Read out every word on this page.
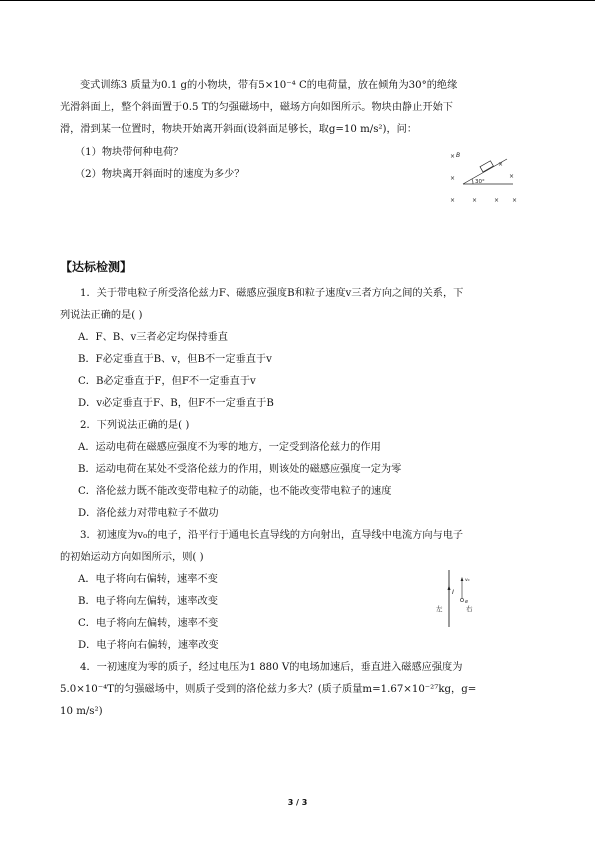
变式训练3 质量为0.1 g的小物块，带有5×10⁻⁴ C的电荷量，放在倾角为30°的绝缘
光滑斜面上，整个斜面置于0.5 T的匀强磁场中，磁场方向如图所示。物块由静止开始下
滑，滑到某一位置时，物块开始离开斜面(设斜面足够长，取g=10 m/s²)，问：
（1）物块带何种电荷？
（2）物块离开斜面时的速度为多少？
× B
×
×	×	× ×
×
×
30°
【达标检测】
1．关于带电粒子所受洛伦兹力F、磁感应强度B和粒子速度v三者方向之间的关系，下
列说法正确的是( )
A．F、B、v三者必定均保持垂直
B．F必定垂直于B、v，但B不一定垂直于v
C．B必定垂直于F，但F不一定垂直于v
D．v必定垂直于F、B，但F不一定垂直于B
2．下列说法正确的是( )
A．运动电荷在磁感应强度不为零的地方，一定受到洛伦兹力的作用
B．运动电荷在某处不受洛伦兹力的作用，则该处的磁感应强度一定为零
C．洛伦兹力既不能改变带电粒子的动能，也不能改变带电粒子的速度
D．洛伦兹力对带电粒子不做功
3．初速度为v₀的电子，沿平行于通电长直导线的方向射出，直导线中电流方向与电子
的初始运动方向如图所示，则( )
A．电子将向右偏转，速率不变
B．电子将向左偏转，速率改变
C．电子将向左偏转，速率不变
D．电子将向右偏转，速率改变
I
v₀
e
左	右
4．一初速度为零的质子，经过电压为1 880 V的电场加速后，垂直进入磁感应强度为
5.0×10⁻⁴T的匀强磁场中，则质子受到的洛伦兹力多大？(质子质量m=1.67×10⁻²⁷kg，g=
10 m/s²)
3 / 3
